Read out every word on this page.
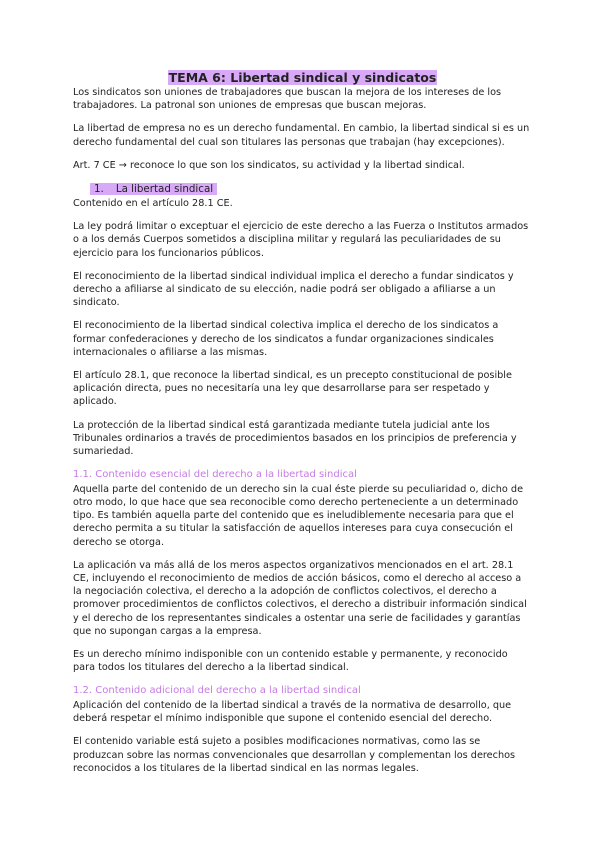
TEMA 6: Libertad sindical y sindicatos

Los sindicatos son uniones de trabajadores que buscan la mejora de los intereses de los trabajadores. La patronal son uniones de empresas que buscan mejoras.

La libertad de empresa no es un derecho fundamental. En cambio, la libertad sindical si es un derecho fundamental del cual son titulares las personas que trabajan (hay excepciones).

Art. 7 CE → reconoce lo que son los sindicatos, su actividad y la libertad sindical.

1. La libertad sindical

Contenido en el artículo 28.1 CE.

La ley podrá limitar o exceptuar el ejercicio de este derecho a las Fuerza o Institutos armados o a los demás Cuerpos sometidos a disciplina militar y regulará las peculiaridades de su ejercicio para los funcionarios públicos.

El reconocimiento de la libertad sindical individual implica el derecho a fundar sindicatos y derecho a afiliarse al sindicato de su elección, nadie podrá ser obligado a afiliarse a un sindicato.

El reconocimiento de la libertad sindical colectiva implica el derecho de los sindicatos a formar confederaciones y derecho de los sindicatos a fundar organizaciones sindicales internacionales o afiliarse a las mismas.

El artículo 28.1, que reconoce la libertad sindical, es un precepto constitucional de posible aplicación directa, pues no necesitaría una ley que desarrollarse para ser respetado y aplicado.

La protección de la libertad sindical está garantizada mediante tutela judicial ante los Tribunales ordinarios a través de procedimientos basados en los principios de preferencia y sumariedad.

1.1. Contenido esencial del derecho a la libertad sindical

Aquella parte del contenido de un derecho sin la cual éste pierde su peculiaridad o, dicho de otro modo, lo que hace que sea reconocible como derecho perteneciente a un determinado tipo. Es también aquella parte del contenido que es ineludiblemente necesaria para que el derecho permita a su titular la satisfacción de aquellos intereses para cuya consecución el derecho se otorga.

La aplicación va más allá de los meros aspectos organizativos mencionados en el art. 28.1 CE, incluyendo el reconocimiento de medios de acción básicos, como el derecho al acceso a la negociación colectiva, el derecho a la adopción de conflictos colectivos, el derecho a promover procedimientos de conflictos colectivos, el derecho a distribuir información sindical y el derecho de los representantes sindicales a ostentar una serie de facilidades y garantías que no supongan cargas a la empresa.

Es un derecho mínimo indisponible con un contenido estable y permanente, y reconocido para todos los titulares del derecho a la libertad sindical.

1.2. Contenido adicional del derecho a la libertad sindical

Aplicación del contenido de la libertad sindical a través de la normativa de desarrollo, que deberá respetar el mínimo indisponible que supone el contenido esencial del derecho.

El contenido variable está sujeto a posibles modificaciones normativas, como las se produzcan sobre las normas convencionales que desarrollan y complementan los derechos reconocidos a los titulares de la libertad sindical en las normas legales.
